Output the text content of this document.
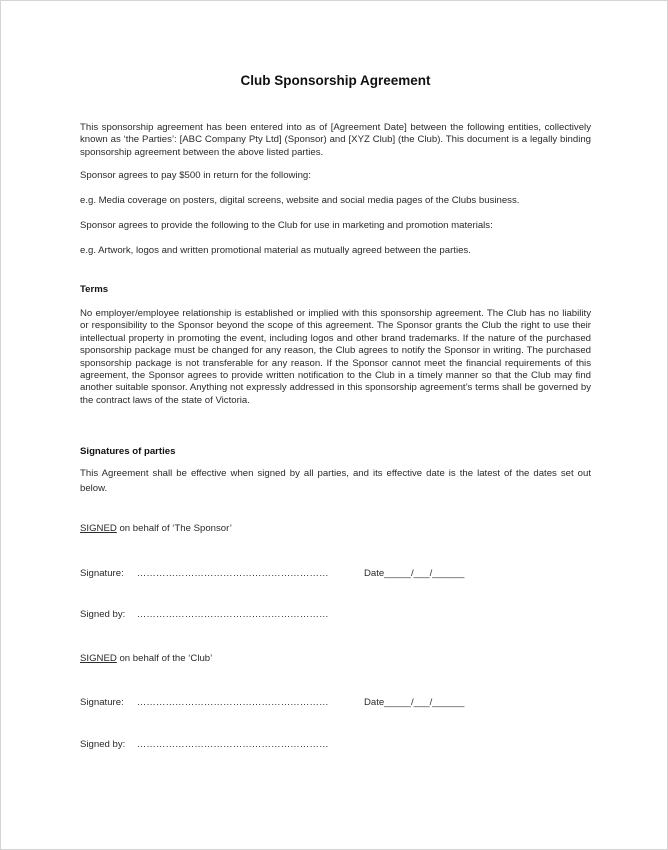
Club Sponsorship Agreement

This sponsorship agreement has been entered into as of [Agreement Date] between the following entities, collectively known as ‘the Parties’: [ABC Company Pty Ltd] (Sponsor) and [XYZ Club] (the Club). This document is a legally binding sponsorship agreement between the above listed parties.

Sponsor agrees to pay $500 in return for the following:

e.g. Media coverage on posters, digital screens, website and social media pages of the Clubs business.

Sponsor agrees to provide the following to the Club for use in marketing and promotion materials:

e.g. Artwork, logos and written promotional material as mutually agreed between the parties.

Terms

No employer/employee relationship is established or implied with this sponsorship agreement. The Club has no liability or responsibility to the Sponsor beyond the scope of this agreement. The Sponsor grants the Club the right to use their intellectual property in promoting the event, including logos and other brand trademarks. If the nature of the purchased sponsorship package must be changed for any reason, the Club agrees to notify the Sponsor in writing. The purchased sponsorship package is not transferable for any reason. If the Sponsor cannot meet the financial requirements of this agreement, the Sponsor agrees to provide written notification to the Club in a timely manner so that the Club may find another suitable sponsor. Anything not expressly addressed in this sponsorship agreement’s terms shall be governed by the contract laws of the state of Victoria.

Signatures of parties

This Agreement shall be effective when signed by all parties, and its effective date is the latest of the dates set out below.

SIGNED on behalf of ‘The Sponsor’
Signature: ……………………………………………………	Date_____/___/______
Signed by: ……………………………………………………
SIGNED on behalf of the ‘Club’
Signature: ……………………………………………………	Date_____/___/______
Signed by: ……………………………………………………
